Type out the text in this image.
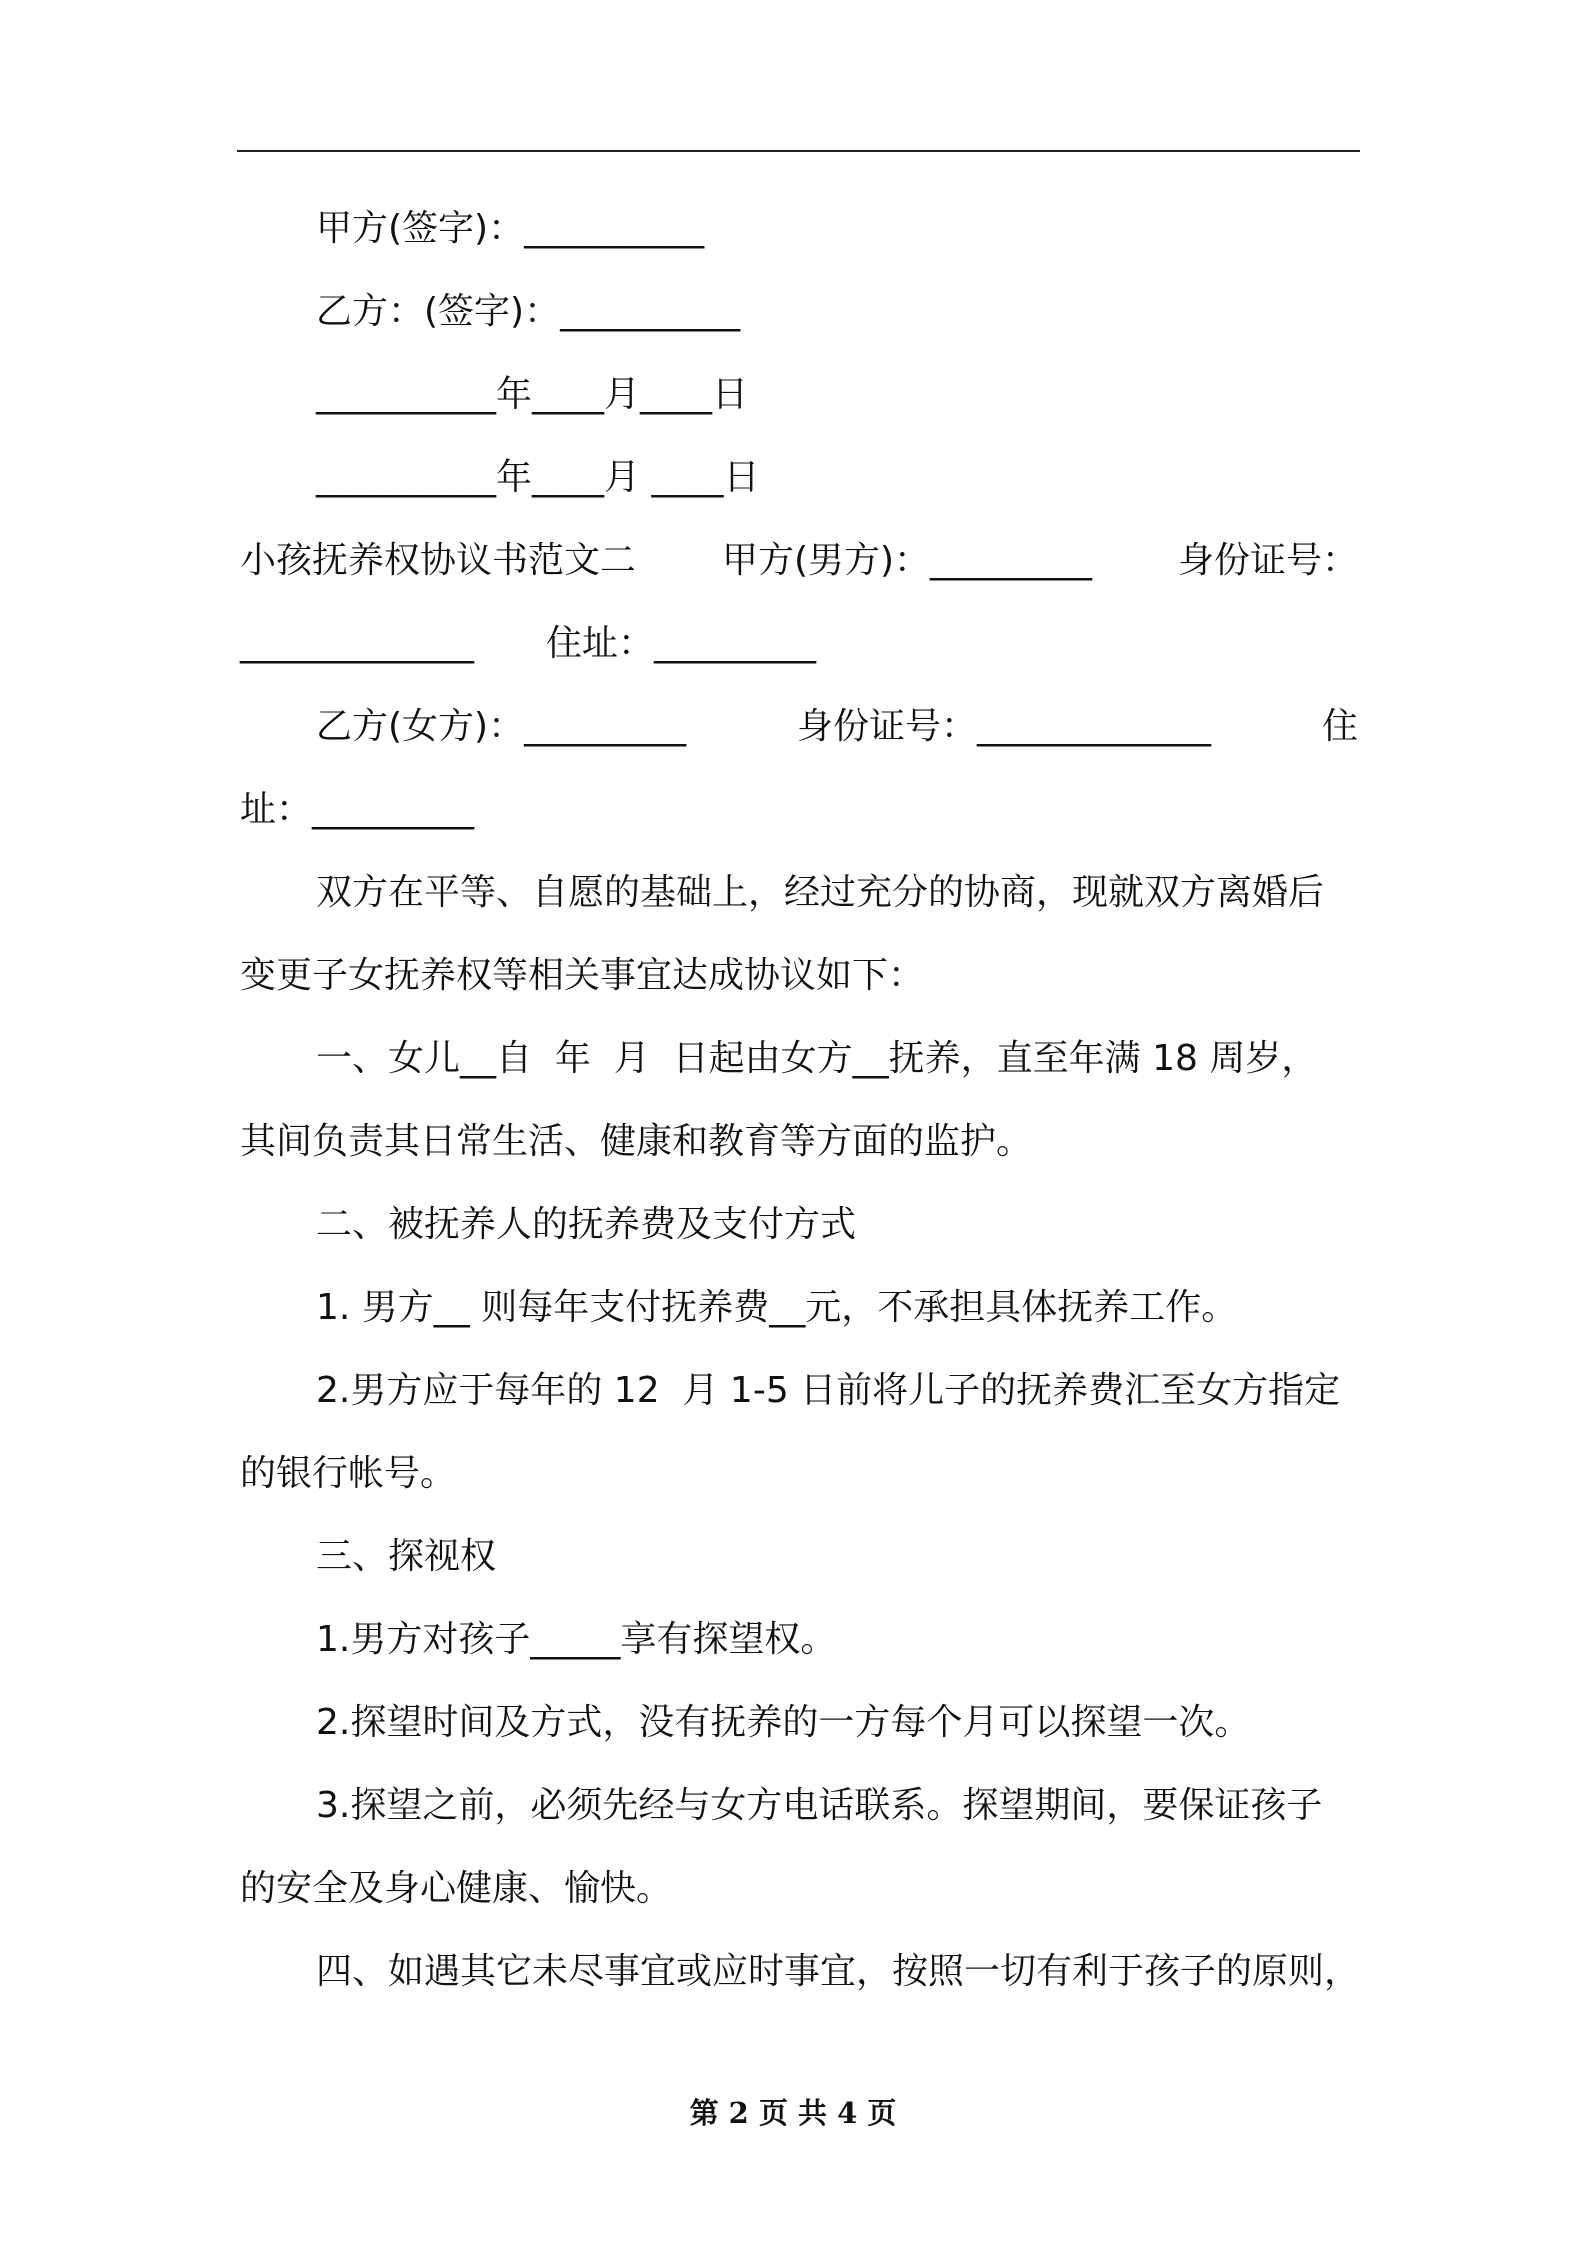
甲方(签字)：__________
乙方：(签字)：__________
__________年____月____日
__________年____月 ____日
小孩抚养权协议书范文二 甲方(男方)：_________ 身份证号：
_____________ 住址：_________
乙方(女方)：_________	身份证号：_____________	住
址：_________
双方在平等、自愿的基础上，经过充分的协商，现就双方离婚后
变更子女抚养权等相关事宜达成协议如下：
一、女儿__自  年  月  日起由女方__抚养，直至年满 18 周岁，
其间负责其日常生活、健康和教育等方面的监护。
二、被抚养人的抚养费及支付方式
1. 男方__ 则每年支付抚养费__元，不承担具体抚养工作。
2.男方应于每年的 12  月 1-5 日前将儿子的抚养费汇至女方指定
的银行帐号。
三、探视权
1.男方对孩子_____享有探望权。
2.探望时间及方式，没有抚养的一方每个月可以探望一次。
3.探望之前，必须先经与女方电话联系。探望期间，要保证孩子
的安全及身心健康、愉快。
四、如遇其它未尽事宜或应时事宜，按照一切有利于孩子的原则，
第 2 页 共 4 页
